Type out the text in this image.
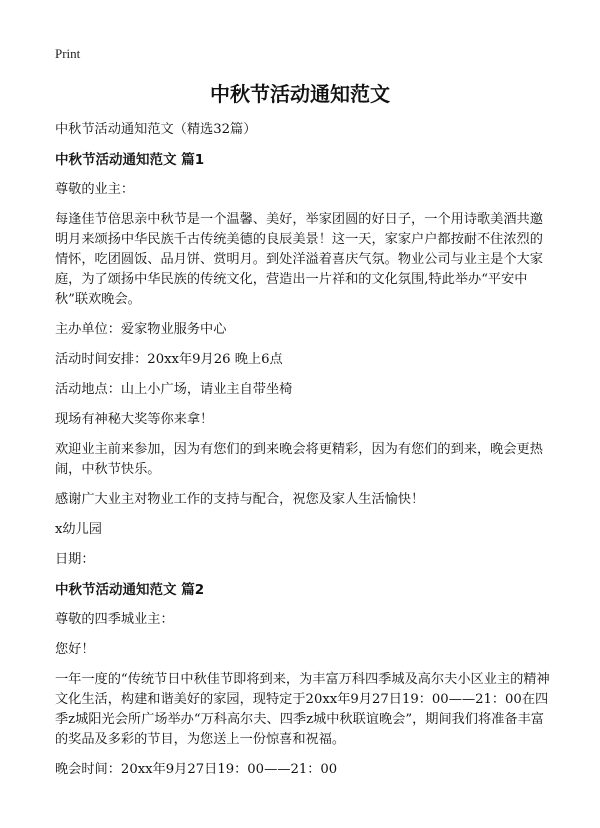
Print
中秋节活动通知范文

中秋节活动通知范文（精选32篇）

中秋节活动通知范文 篇1

尊敬的业主：

每逢佳节倍思亲中秋节是一个温馨、美好，举家团圆的好日子，一个用诗歌美酒共邀明月来颂扬中华民族千古传统美德的良辰美景！这一天，家家户户都按耐不住浓烈的情怀，吃团圆饭、品月饼、赏明月。到处洋溢着喜庆气氛。物业公司与业主是个大家庭，为了颂扬中华民族的传统文化，营造出一片祥和的文化氛围,特此举办“平安中秋”联欢晚会。

主办单位：爱家物业服务中心

活动时间安排：20xx年9月26 晚上6点

活动地点：山上小广场，请业主自带坐椅

现场有神秘大奖等你来拿！

欢迎业主前来参加，因为有您们的到来晚会将更精彩，因为有您们的到来，晚会更热闹，中秋节快乐。

感谢广大业主对物业工作的支持与配合，祝您及家人生活愉快！

x幼儿园

日期：

中秋节活动通知范文 篇2

尊敬的四季城业主：

您好！

一年一度的“传统节日中秋佳节即将到来，为丰富万科四季城及高尔夫小区业主的精神文化生活，构建和谐美好的家园，现特定于20xx年9月27日19：00——21：00在四季z城阳光会所广场举办“万科高尔夫、四季z城中秋联谊晚会”，期间我们将准备丰富的奖品及多彩的节目，为您送上一份惊喜和祝福。

晚会时间：20xx年9月27日19：00——21：00
